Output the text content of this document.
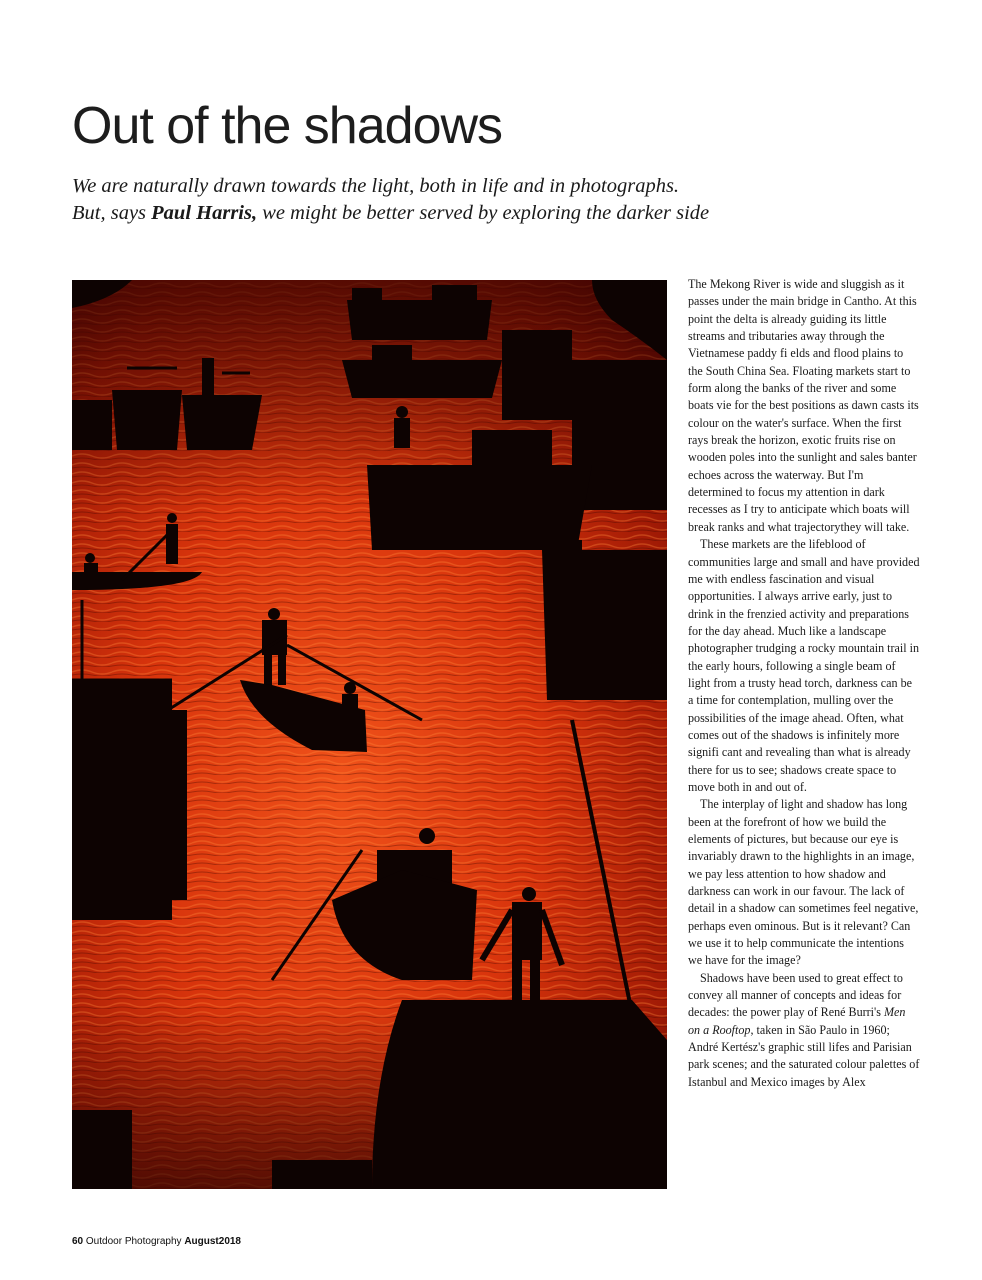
Out of the shadows

We are naturally drawn towards the light, both in life and in photographs.
But, says Paul Harris, we might be better served by exploring the darker side

The Mekong River is wide and sluggish as it passes under the main bridge in Cantho. At this point the delta is already guiding its little streams and tributaries away through the Vietnamese paddy fi elds and flood plains to the South China Sea. Floating markets start to form along the banks of the river and some boats vie for the best positions as dawn casts its colour on the water's surface. When the first rays break the horizon, exotic fruits rise on wooden poles into the sunlight and sales banter echoes across the waterway. But I'm determined to focus my attention in dark recesses as I try to anticipate which boats will break ranks and what trajectorythey will take.

These markets are the lifeblood of communities large and small and have provided me with endless fascination and visual opportunities. I always arrive early, just to drink in the frenzied activity and preparations for the day ahead. Much like a landscape photographer trudging a rocky mountain trail in the early hours, following a single beam of light from a trusty head torch, darkness can be a time for contemplation, mulling over the possibilities of the image ahead. Often, what comes out of the shadows is infinitely more signifi cant and revealing than what is already there for us to see; shadows create space to move both in and out of.

The interplay of light and shadow has long been at the forefront of how we build the elements of pictures, but because our eye is invariably drawn to the highlights in an image, we pay less attention to how shadow and darkness can work in our favour. The lack of detail in a shadow can sometimes feel negative, perhaps even ominous. But is it relevant? Can we use it to help communicate the intentions we have for the image?

Shadows have been used to great effect to convey all manner of concepts and ideas for decades: the power play of René Burri's Men on a Rooftop, taken in São Paulo in 1960; André Kertész's graphic still lifes and Parisian park scenes; and the saturated colour palettes of Istanbul and Mexico images by Alex

60 Outdoor Photography August2018
